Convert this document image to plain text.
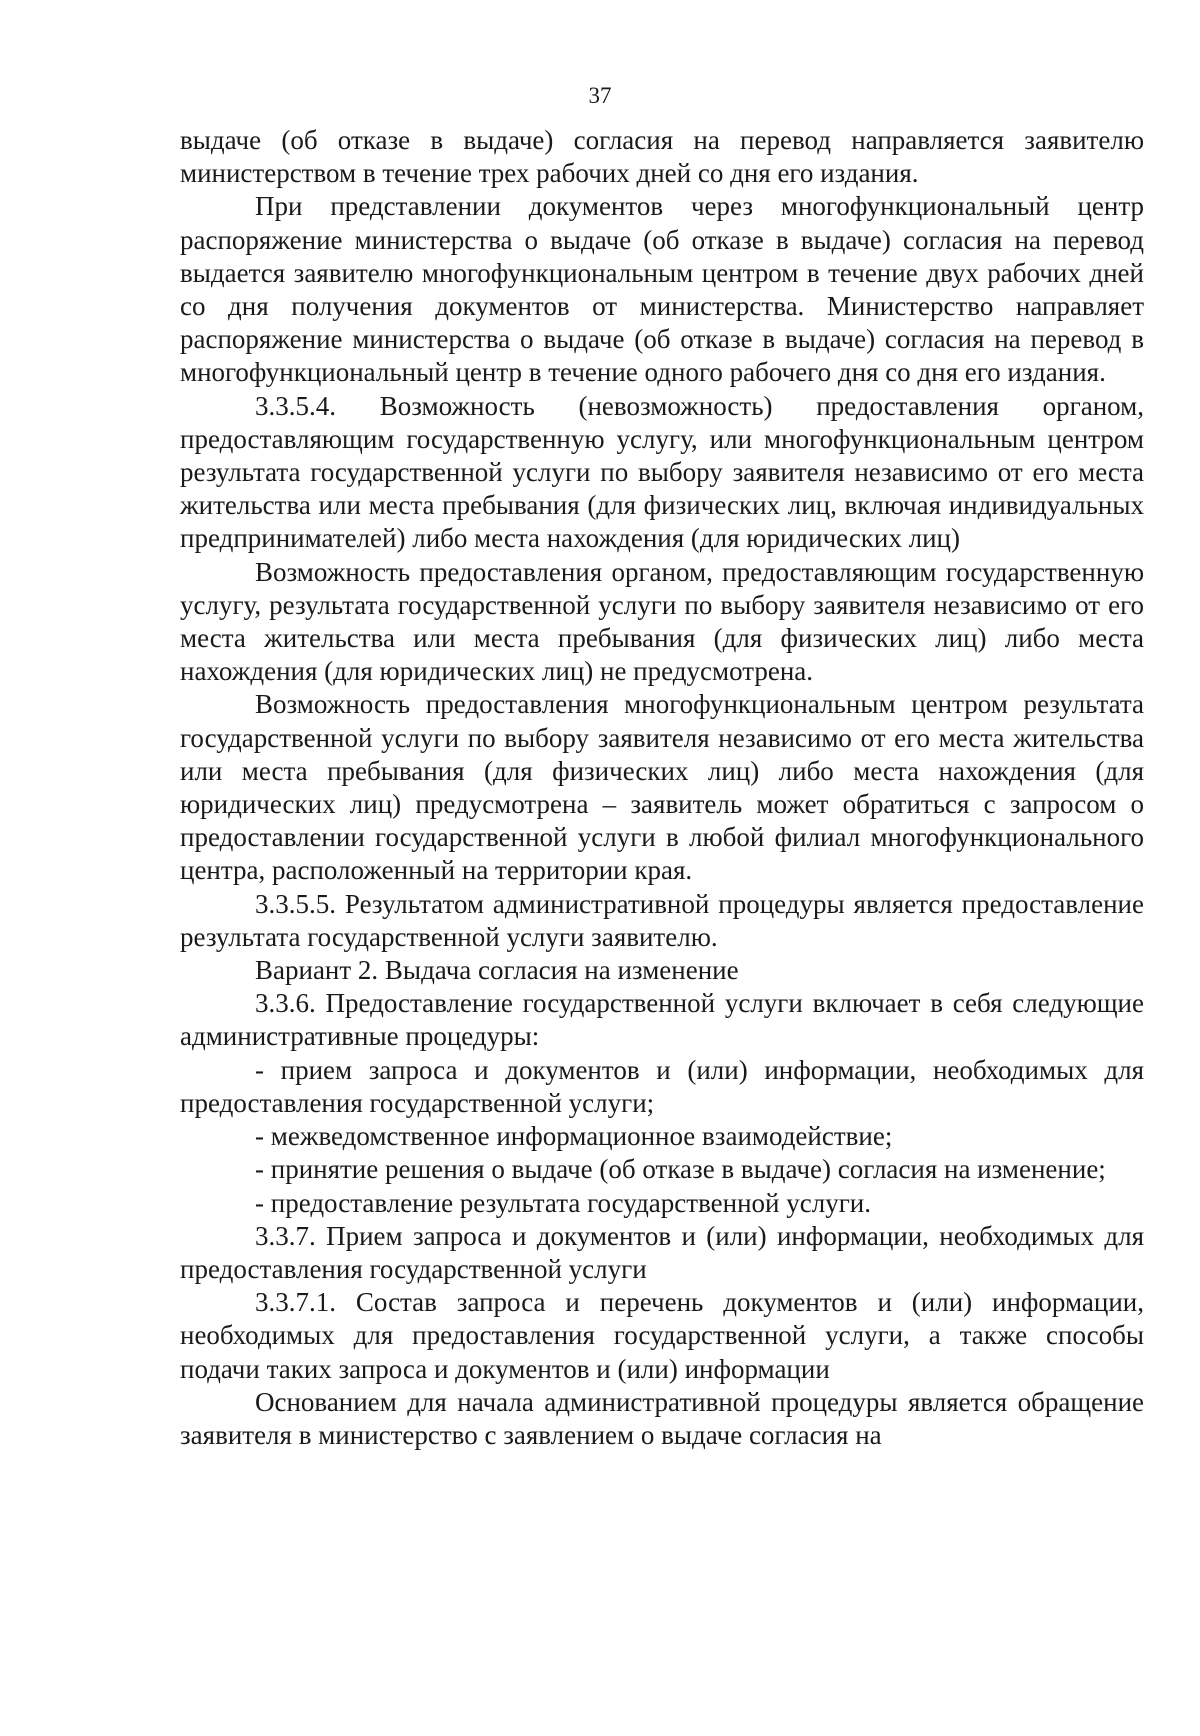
37

выдаче (об отказе в выдаче) согласия на перевод направляется заявителю министерством в течение трех рабочих дней со дня его издания.

При представлении документов через многофункциональный центр распоряжение министерства о выдаче (об отказе в выдаче) согласия на перевод выдается заявителю многофункциональным центром в течение двух рабочих дней со дня получения документов от министерства. Министерство направляет распоряжение министерства о выдаче (об отказе в выдаче) согласия на перевод в многофункциональный центр в течение одного рабочего дня со дня его издания.

3.3.5.4. Возможность (невозможность) предоставления органом, предоставляющим государственную услугу, или многофункциональным центром результата государственной услуги по выбору заявителя независимо от его места жительства или места пребывания (для физических лиц, включая индивидуальных предпринимателей) либо места нахождения (для юридических лиц)

Возможность предоставления органом, предоставляющим государственную услугу, результата государственной услуги по выбору заявителя независимо от его места жительства или места пребывания (для физических лиц) либо места нахождения (для юридических лиц) не предусмотрена.

Возможность предоставления многофункциональным центром результата государственной услуги по выбору заявителя независимо от его места жительства или места пребывания (для физических лиц) либо места нахождения (для юридических лиц) предусмотрена – заявитель может обратиться с запросом о предоставлении государственной услуги в любой филиал многофункционального центра, расположенный на территории края.

3.3.5.5. Результатом административной процедуры является предоставление результата государственной услуги заявителю.

Вариант 2. Выдача согласия на изменение

3.3.6. Предоставление государственной услуги включает в себя следующие административные процедуры:

- прием запроса и документов и (или) информации, необходимых для предоставления государственной услуги;

- межведомственное информационное взаимодействие;

- принятие решения о выдаче (об отказе в выдаче) согласия на изменение;

- предоставление результата государственной услуги.

3.3.7. Прием запроса и документов и (или) информации, необходимых для предоставления государственной услуги

3.3.7.1. Состав запроса и перечень документов и (или) информации, необходимых для предоставления государственной услуги, а также способы подачи таких запроса и документов и (или) информации

Основанием для начала административной процедуры является обращение заявителя в министерство с заявлением о выдаче согласия на
